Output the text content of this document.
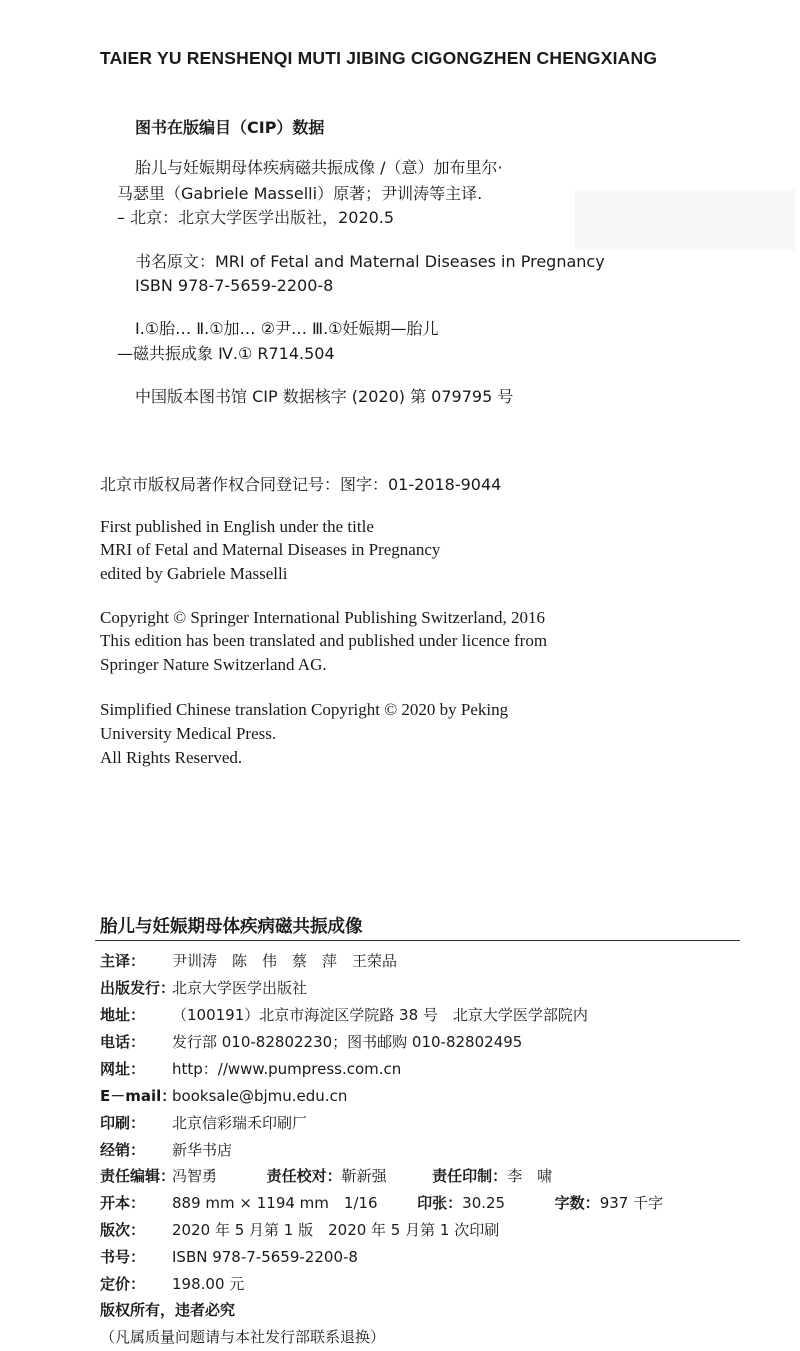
TAIER YU RENSHENQI MUTI JIBING CIGONGZHEN CHENGXIANG
图书在版编目（CIP）数据
胎儿与妊娠期母体疾病磁共振成像 /（意）加布里尔·
马瑟里（Gabriele Masselli）原著；尹训涛等主译.
– 北京：北京大学医学出版社，2020.5
书名原文：MRI of Fetal and Maternal Diseases in Pregnancy
ISBN 978-7-5659-2200-8
Ⅰ.①胎… Ⅱ.①加… ②尹… Ⅲ.①妊娠期—胎儿
—磁共振成象 Ⅳ.① R714.504
中国版本图书馆 CIP 数据核字 (2020) 第 079795 号
北京市版权局著作权合同登记号：图字：01-2018-9044
First published in English under the title
MRI of Fetal and Maternal Diseases in Pregnancy
edited by Gabriele Masselli
Copyright © Springer International Publishing Switzerland, 2016
This edition has been translated and published under licence from
Springer Nature Switzerland AG.
Simplified Chinese translation Copyright © 2020 by Peking
University Medical Press.
All Rights Reserved.
胎儿与妊娠期母体疾病磁共振成像
主译： 尹训涛　陈　伟　蔡　萍　王荣品
出版发行：北京大学医学出版社
地址： （100191）北京市海淀区学院路 38 号　北京大学医学部院内
电话： 发行部 010-82802230；图书邮购 010-82802495
网址： http：//www.pumpress.com.cn
E－mail：booksale@bjmu.edu.cn
印刷： 北京信彩瑞禾印刷厂
经销： 新华书店
责任编辑：冯智勇	责任校对：靳新强	责任印制：李　啸
开本： 889 mm × 1194 mm　1/16	印张：30.25	字数：937 千字
版次： 2020 年 5 月第 1 版　2020 年 5 月第 1 次印刷
书号： ISBN 978-7-5659-2200-8
定价： 198.00 元
版权所有，违者必究
（凡属质量问题请与本社发行部联系退换）
